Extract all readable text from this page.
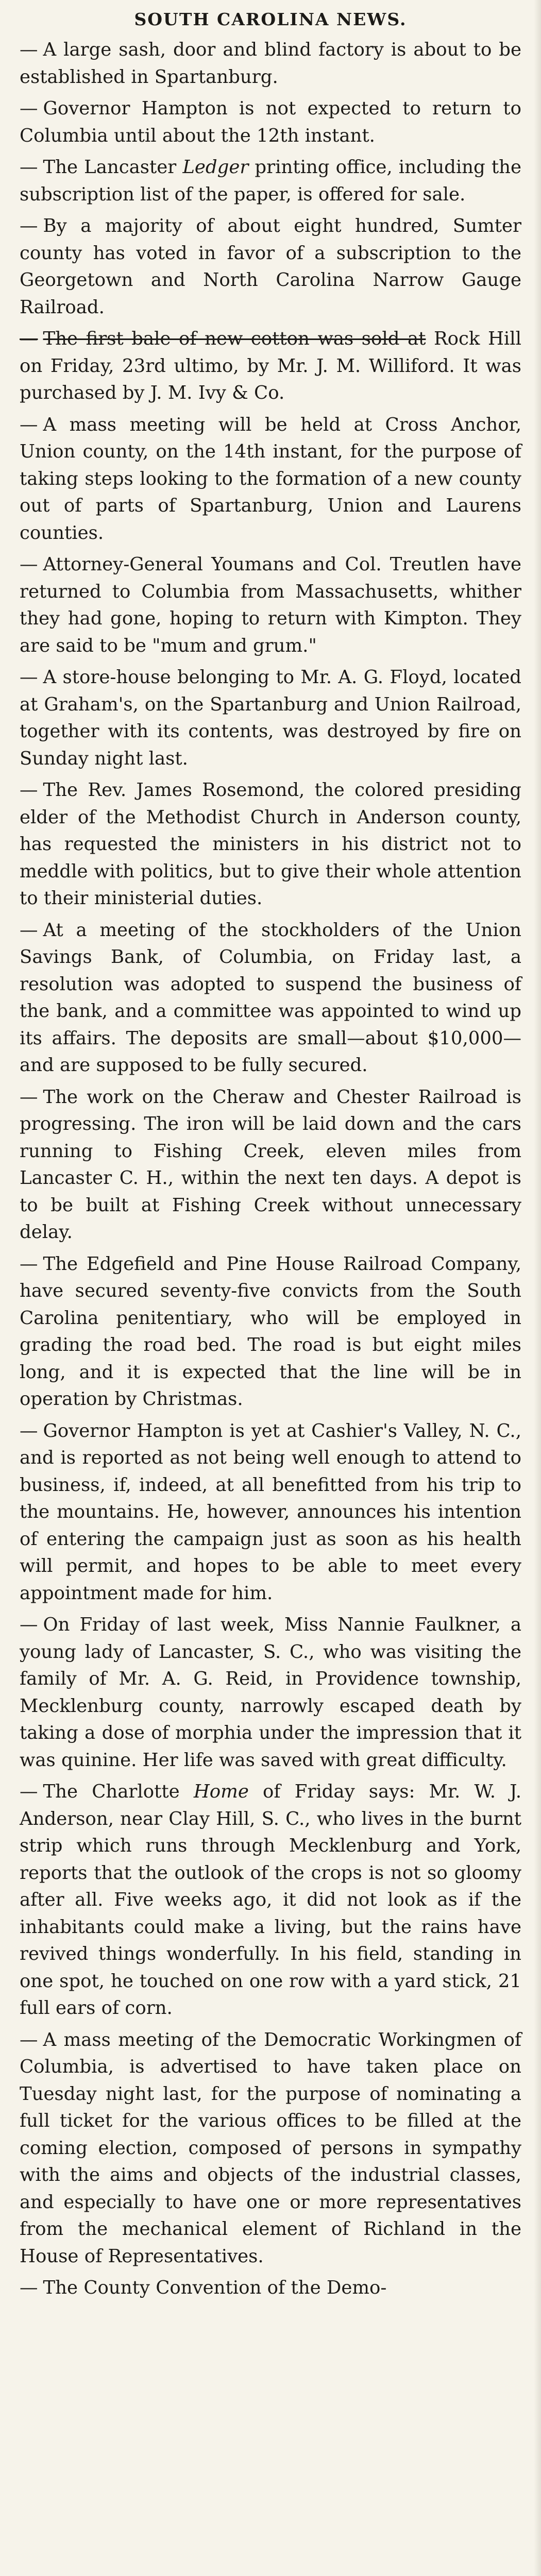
SOUTH CAROLINA NEWS.

— A large sash, door and blind factory is about to be established in Spartanburg.

— Governor Hampton is not expected to return to Columbia until about the 12th instant.

— The Lancaster Ledger printing office, including the subscription list of the paper, is offered for sale.

— By a majority of about eight hundred, Sumter county has voted in favor of a subscription to the Georgetown and North Carolina Narrow Gauge Railroad.

— The first bale of new cotton was sold at Rock Hill on Friday, 23rd ultimo, by Mr. J. M. Williford. It was purchased by J. M. Ivy & Co.

— A mass meeting will be held at Cross Anchor, Union county, on the 14th instant, for the purpose of taking steps looking to the formation of a new county out of parts of Spartanburg, Union and Laurens counties.

— Attorney-General Youmans and Col. Treutlen have returned to Columbia from Massachusetts, whither they had gone, hoping to return with Kimpton. They are said to be "mum and grum."

— A store-house belonging to Mr. A. G. Floyd, located at Graham's, on the Spartanburg and Union Railroad, together with its contents, was destroyed by fire on Sunday night last.

— The Rev. James Rosemond, the colored presiding elder of the Methodist Church in Anderson county, has requested the ministers in his district not to meddle with politics, but to give their whole attention to their ministerial duties.

— At a meeting of the stockholders of the Union Savings Bank, of Columbia, on Friday last, a resolution was adopted to suspend the business of the bank, and a committee was appointed to wind up its affairs. The deposits are small—about $10,000—and are supposed to be fully secured.

— The work on the Cheraw and Chester Railroad is progressing. The iron will be laid down and the cars running to Fishing Creek, eleven miles from Lancaster C. H., within the next ten days. A depot is to be built at Fishing Creek without unnecessary delay.

— The Edgefield and Pine House Railroad Company, have secured seventy-five convicts from the South Carolina penitentiary, who will be employed in grading the road bed. The road is but eight miles long, and it is expected that the line will be in operation by Christmas.

— Governor Hampton is yet at Cashier's Valley, N. C., and is reported as not being well enough to attend to business, if, indeed, at all benefitted from his trip to the mountains. He, however, announces his intention of entering the campaign just as soon as his health will permit, and hopes to be able to meet every appointment made for him.

— On Friday of last week, Miss Nannie Faulkner, a young lady of Lancaster, S. C., who was visiting the family of Mr. A. G. Reid, in Providence township, Mecklenburg county, narrowly escaped death by taking a dose of morphia under the impression that it was quinine. Her life was saved with great difficulty.

— The Charlotte Home of Friday says: Mr. W. J. Anderson, near Clay Hill, S. C., who lives in the burnt strip which runs through Mecklenburg and York, reports that the outlook of the crops is not so gloomy after all. Five weeks ago, it did not look as if the inhabitants could make a living, but the rains have revived things wonderfully. In his field, standing in one spot, he touched on one row with a yard stick, 21 full ears of corn.

— A mass meeting of the Democratic Workingmen of Columbia, is advertised to have taken place on Tuesday night last, for the purpose of nominating a full ticket for the various offices to be filled at the coming election, composed of persons in sympathy with the aims and objects of the industrial classes, and especially to have one or more representatives from the mechanical element of Richland in the House of Representatives.

— The County Convention of the Demo-
